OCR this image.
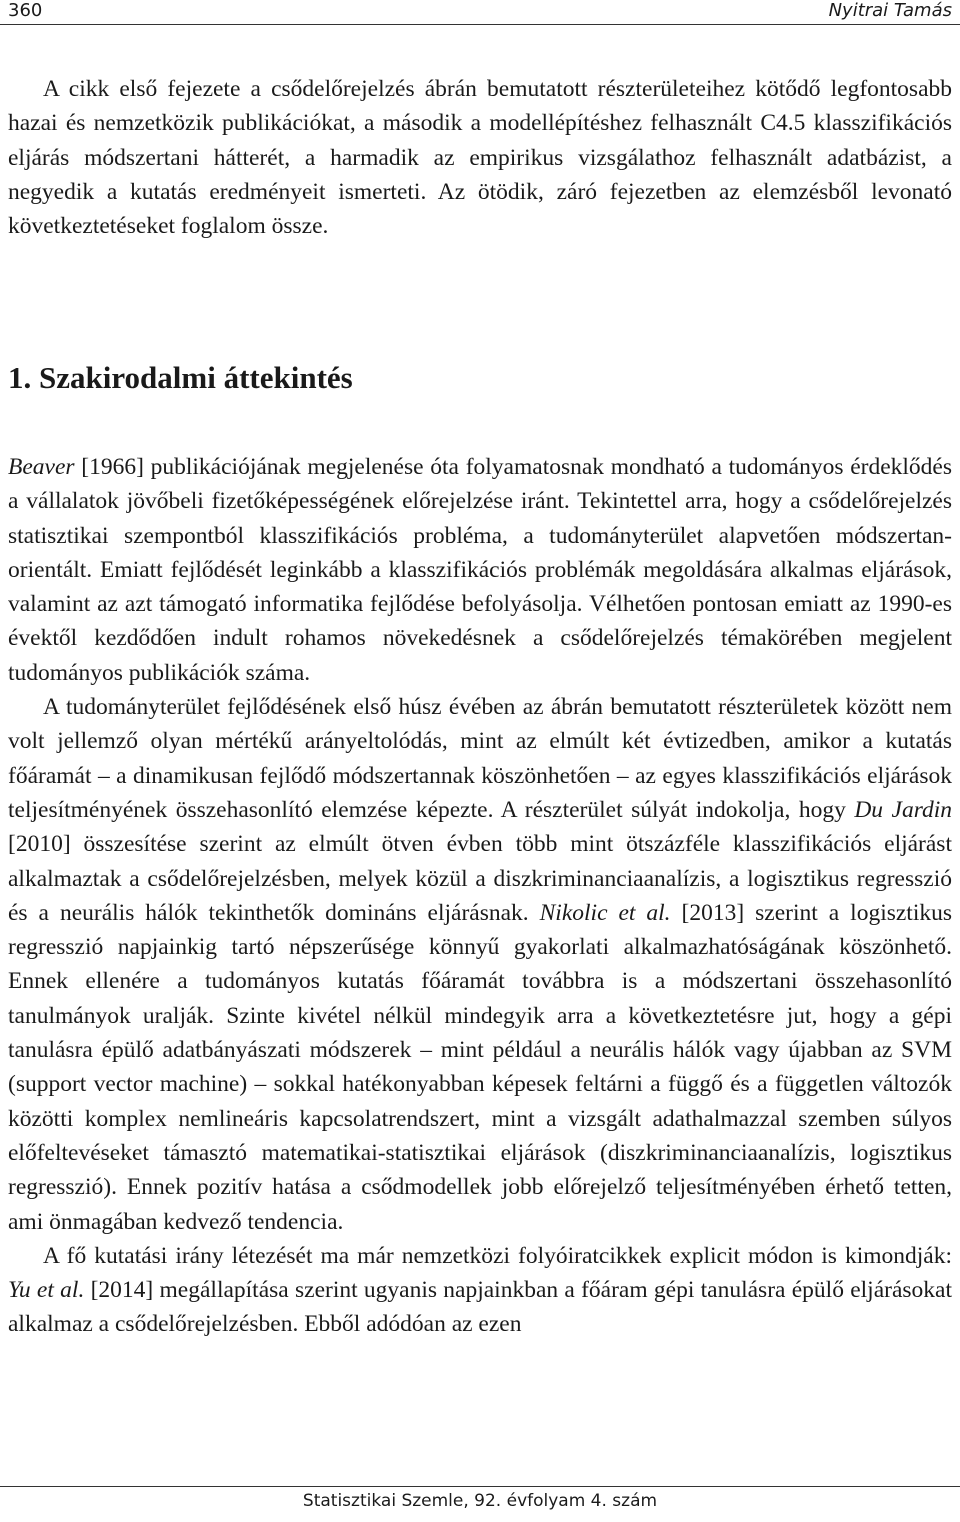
360	Nyitrai Tamás

A cikk első fejezete a csődelőrejelzés ábrán bemutatott részterületeihez kötődő legfontosabb hazai és nemzetközik publikációkat, a második a modellépítéshez felhasznált C4.5 klasszifikációs eljárás módszertani hátterét, a harmadik az empirikus vizsgálathoz felhasznált adatbázist, a negyedik a kutatás eredményeit ismerteti. Az ötödik, záró fejezetben az elemzésből levonató következtetéseket foglalom össze.

1. Szakirodalmi áttekintés

Beaver [1966] publikációjának megjelenése óta folyamatosnak mondható a tudományos érdeklődés a vállalatok jövőbeli fizetőképességének előrejelzése iránt. Tekintettel arra, hogy a csődelőrejelzés statisztikai szempontból klasszifikációs probléma, a tudományterület alapvetően módszertan-orientált. Emiatt fejlődését leginkább a klasszifikációs problémák megoldására alkalmas eljárások, valamint az azt támogató informatika fejlődése befolyásolja. Vélhetően pontosan emiatt az 1990-es évektől kezdődően indult rohamos növekedésnek a csődelőrejelzés témakörében megjelent tudományos publikációk száma.

A tudományterület fejlődésének első húsz évében az ábrán bemutatott részterületek között nem volt jellemző olyan mértékű arányeltolódás, mint az elmúlt két évtizedben, amikor a kutatás főáramát – a dinamikusan fejlődő módszertannak köszönhetően – az egyes klasszifikációs eljárások teljesítményének összehasonlító elemzése képezte. A részterület súlyát indokolja, hogy Du Jardin [2010] összesítése szerint az elmúlt ötven évben több mint ötszázféle klasszifikációs eljárást alkalmaztak a csődelőrejelzésben, melyek közül a diszkriminanciaanalízis, a logisztikus regresszió és a neurális hálók tekinthetők domináns eljárásnak. Nikolic et al. [2013] szerint a logisztikus regresszió napjainkig tartó népszerűsége könnyű gyakorlati alkalmazhatóságának köszönhető. Ennek ellenére a tudományos kutatás főáramát továbbra is a módszertani összehasonlító tanulmányok uralják. Szinte kivétel nélkül mindegyik arra a következtetésre jut, hogy a gépi tanulásra épülő adatbányászati módszerek – mint például a neurális hálók vagy újabban az SVM (support vector machine) – sokkal hatékonyabban képesek feltárni a függő és a független változók közötti komplex nemlineáris kapcsolatrendszert, mint a vizsgált adathalmazzal szemben súlyos előfeltevéseket támasztó matematikai-statisztikai eljárások (diszkriminanciaanalízis, logisztikus regresszió). Ennek pozitív hatása a csődmodellek jobb előrejelző teljesítményében érhető tetten, ami önmagában kedvező tendencia.

A fő kutatási irány létezését ma már nemzetközi folyóiratcikkek explicit módon is kimondják: Yu et al. [2014] megállapítása szerint ugyanis napjainkban a főáram gépi tanulásra épülő eljárásokat alkalmaz a csődelőrejelzésben. Ebből adódóan az ezen

Statisztikai Szemle, 92. évfolyam 4. szám
